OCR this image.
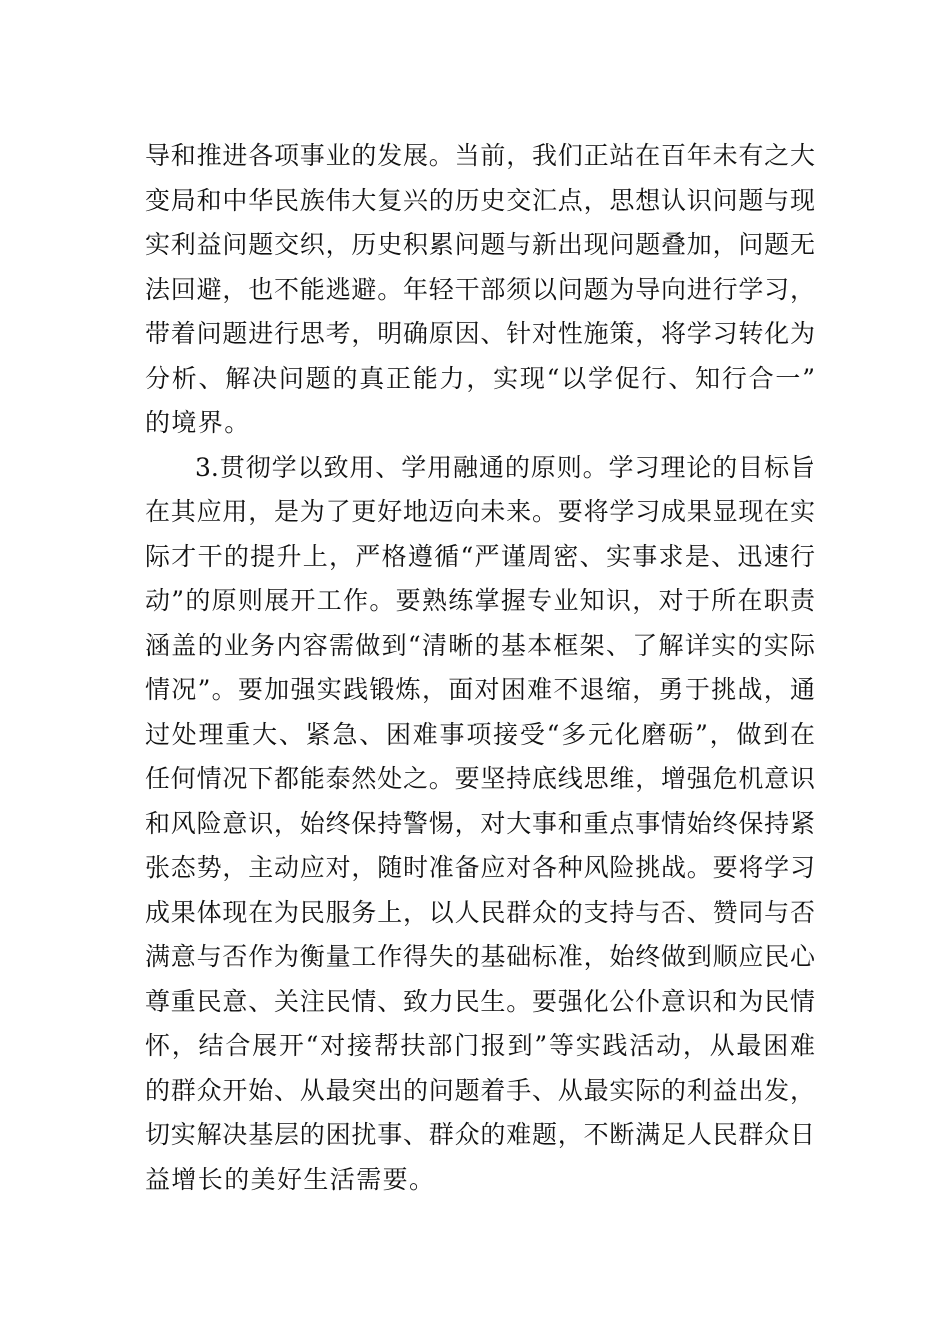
导和推进各项事业的发展。当前，我们正站在百年未有之大
变局和中华民族伟大复兴的历史交汇点，思想认识问题与现
实利益问题交织，历史积累问题与新出现问题叠加，问题无
法回避，也不能逃避。年轻干部须以问题为导向进行学习，
带着问题进行思考，明确原因、针对性施策，将学习转化为
分析、解决问题的真正能力，实现“以学促行、知行合一”
的境界。
3.贯彻学以致用、学用融通的原则。学习理论的目标旨
在其应用，是为了更好地迈向未来。要将学习成果显现在实
际才干的提升上，严格遵循“严谨周密、实事求是、迅速行
动”的原则展开工作。要熟练掌握专业知识，对于所在职责
涵盖的业务内容需做到“清晰的基本框架、了解详实的实际
情况”。要加强实践锻炼，面对困难不退缩，勇于挑战，通
过处理重大、紧急、困难事项接受“多元化磨砺”，做到在
任何情况下都能泰然处之。要坚持底线思维，增强危机意识
和风险意识，始终保持警惕，对大事和重点事情始终保持紧
张态势，主动应对，随时准备应对各种风险挑战。要将学习
成果体现在为民服务上，以人民群众的支持与否、赞同与否
满意与否作为衡量工作得失的基础标准，始终做到顺应民心
尊重民意、关注民情、致力民生。要强化公仆意识和为民情
怀，结合展开“对接帮扶部门报到”等实践活动，从最困难
的群众开始、从最突出的问题着手、从最实际的利益出发，
切实解决基层的困扰事、群众的难题，不断满足人民群众日
益增长的美好生活需要。
